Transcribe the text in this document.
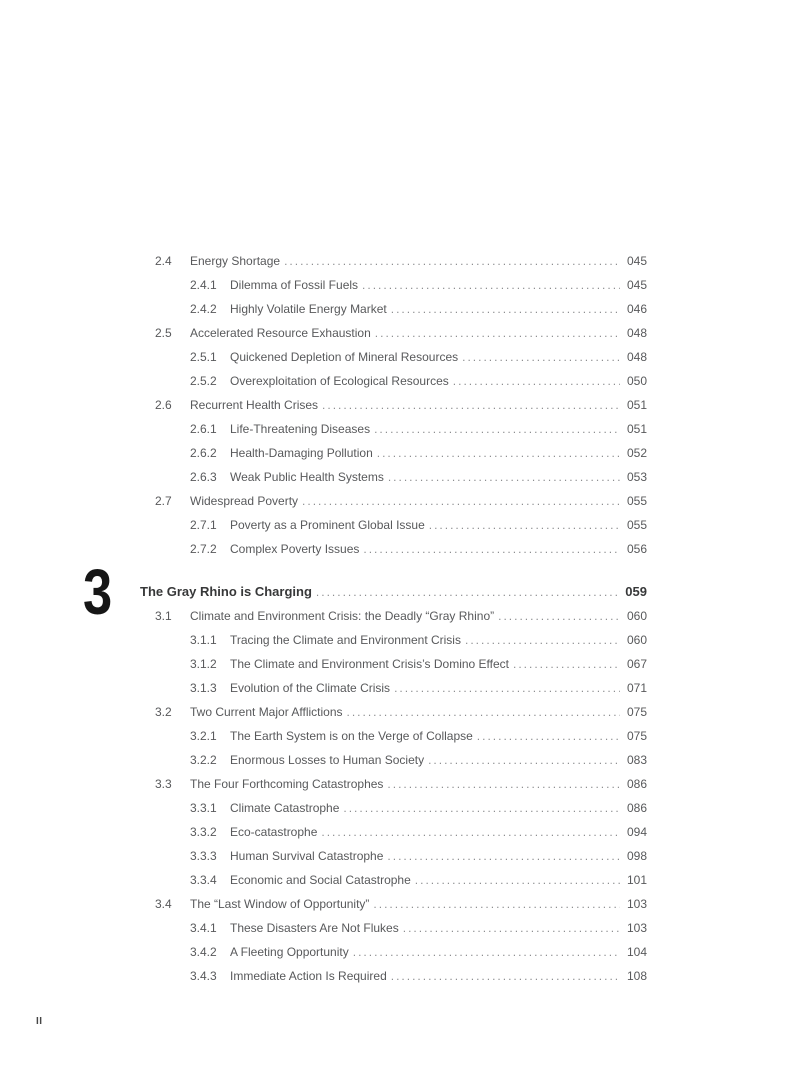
2.4	Energy Shortage .....	045
2.4.1	Dilemma of Fossil Fuels .....	045
2.4.2	Highly Volatile Energy Market .....	046
2.5	Accelerated Resource Exhaustion .....	048
2.5.1	Quickened Depletion of Mineral Resources .....	048
2.5.2	Overexploitation of Ecological Resources .....	050
2.6	Recurrent Health Crises .....	051
2.6.1	Life-Threatening Diseases .....	051
2.6.2	Health-Damaging Pollution .....	052
2.6.3	Weak Public Health Systems .....	053
2.7	Widespread Poverty .....	055
2.7.1	Poverty as a Prominent Global Issue .....	055
2.7.2	Complex Poverty Issues .....	056
3 The Gray Rhino is Charging .....	059
3.1	Climate and Environment Crisis: the Deadly “Gray Rhino” .....	060
3.1.1	Tracing the Climate and Environment Crisis .....	060
3.1.2	The Climate and Environment Crisis’s Domino Effect .....	067
3.1.3	Evolution of the Climate Crisis .....	071
3.2	Two Current Major Afflictions .....	075
3.2.1	The Earth System is on the Verge of Collapse .....	075
3.2.2	Enormous Losses to Human Society .....	083
3.3	The Four Forthcoming Catastrophes .....	086
3.3.1	Climate Catastrophe .....	086
3.3.2	Eco-catastrophe .....	094
3.3.3	Human Survival Catastrophe .....	098
3.3.4	Economic and Social Catastrophe .....	101
3.4	The “Last Window of Opportunity” .....	103
3.4.1	These Disasters Are Not Flukes .....	103
3.4.2	A Fleeting Opportunity .....	104
3.4.3	Immediate Action Is Required .....	108
II
